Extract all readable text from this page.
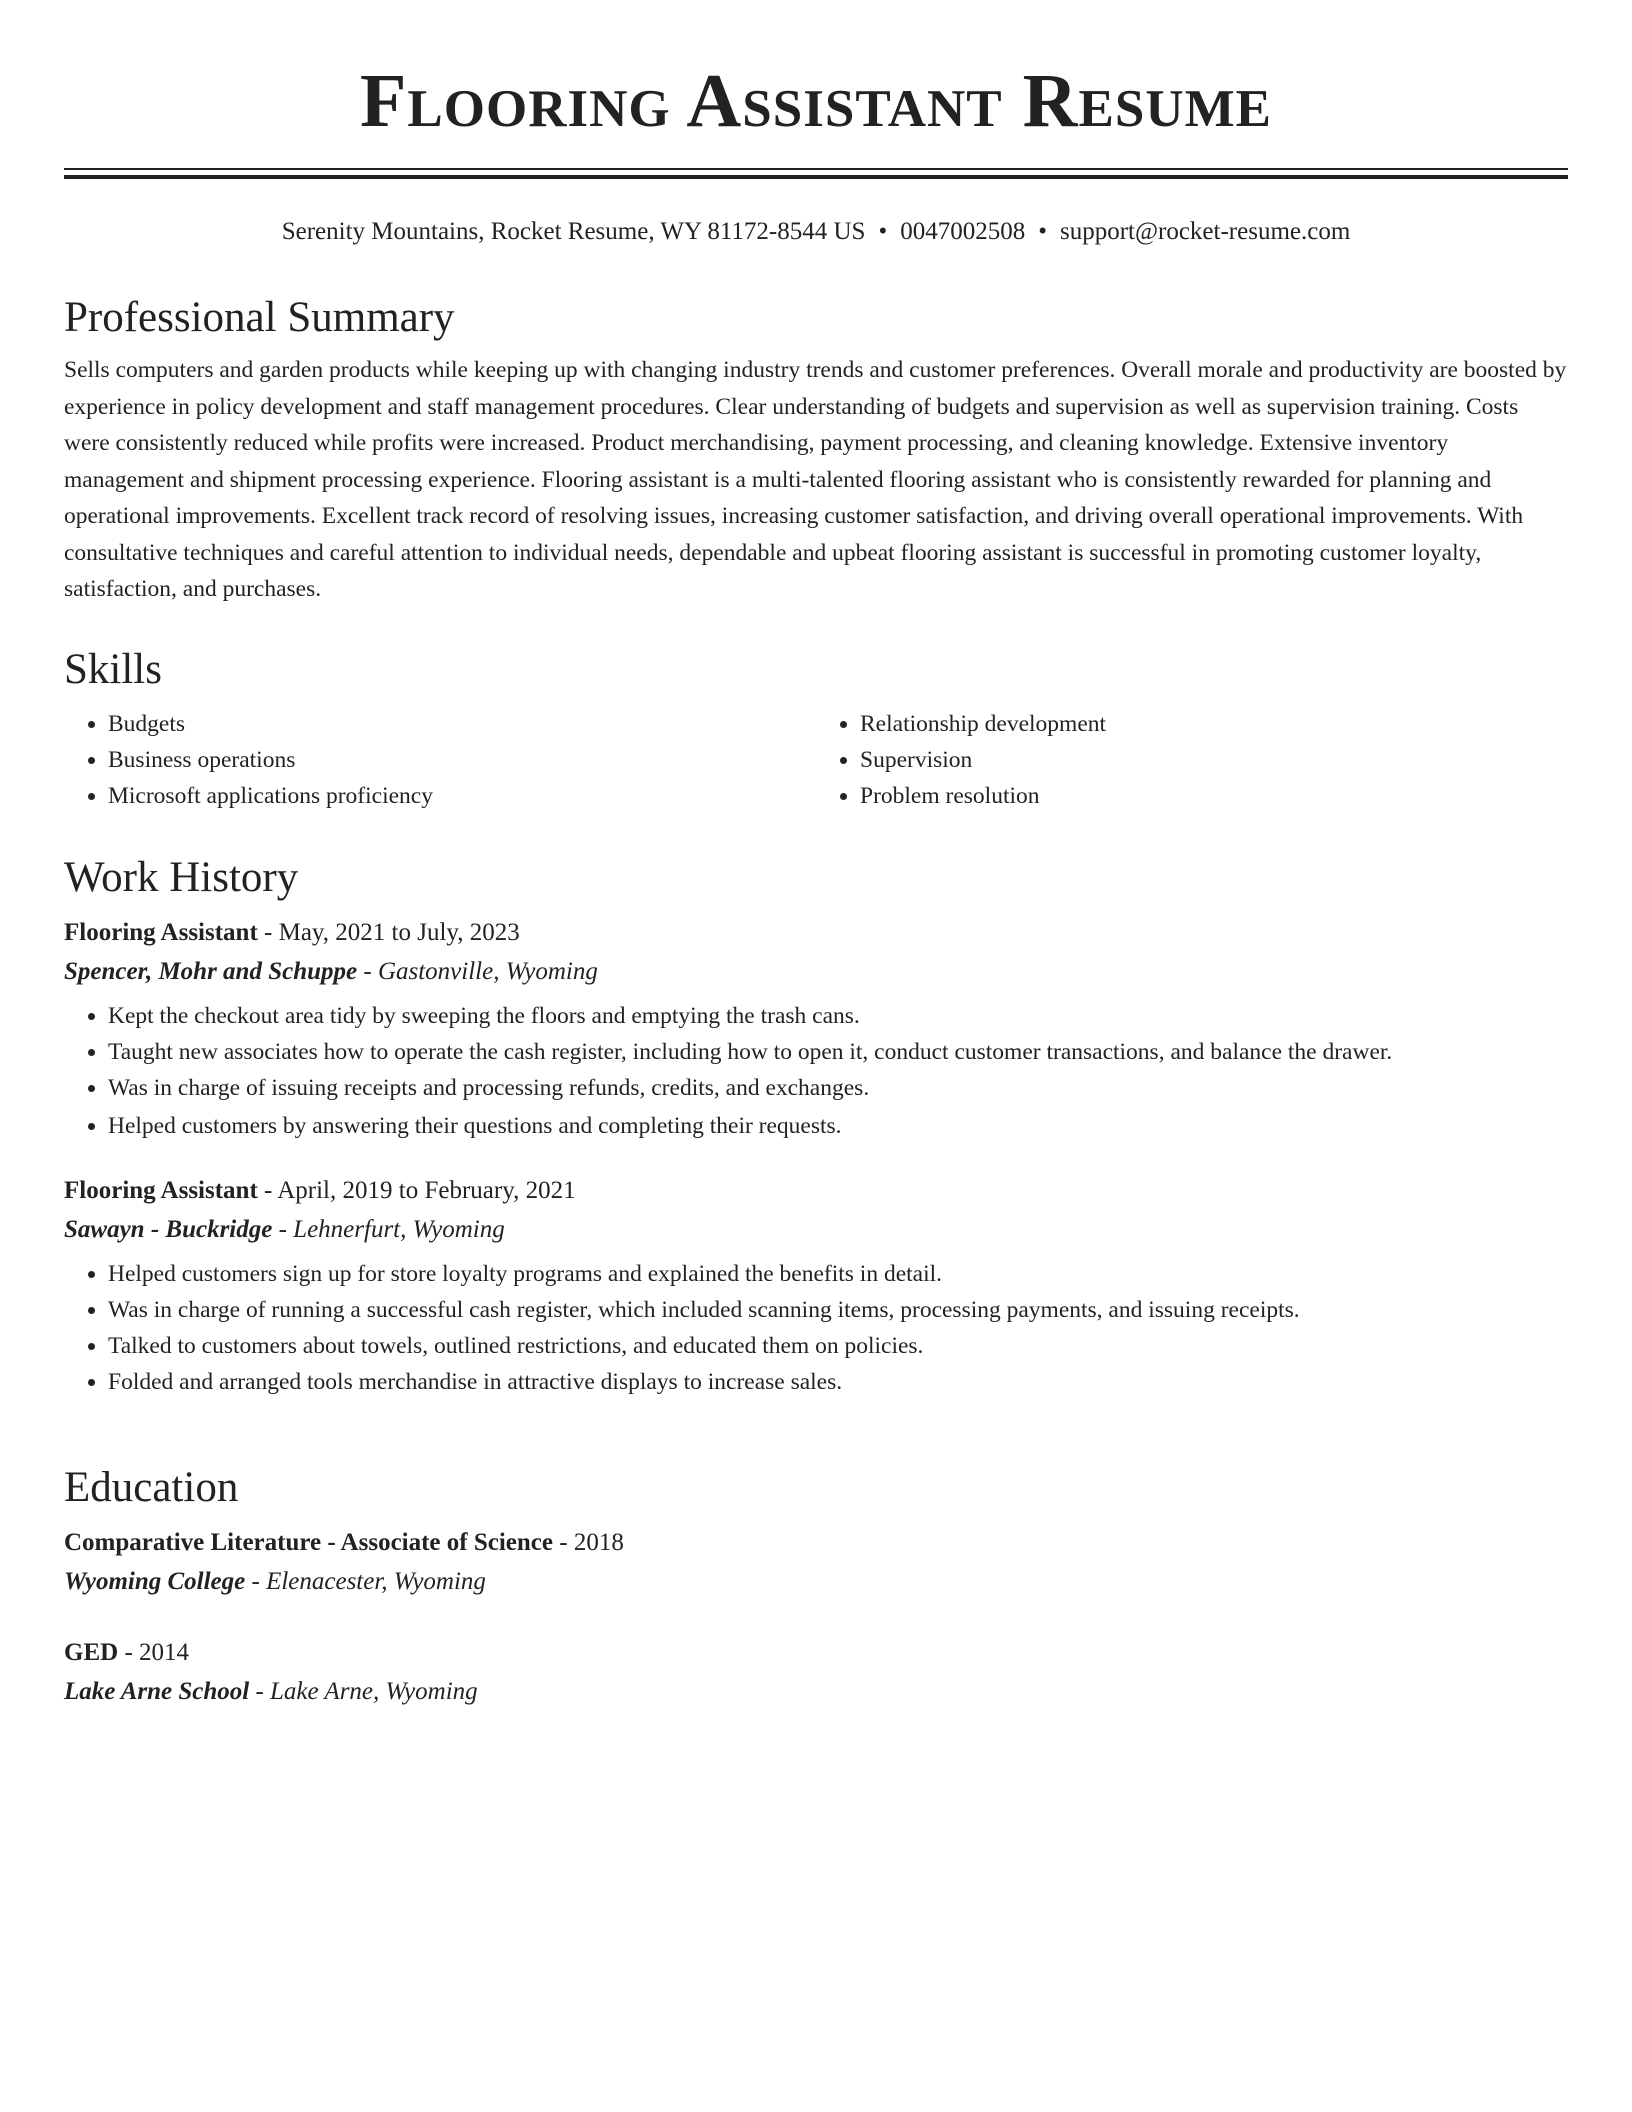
Flooring Assistant Resume
Serenity Mountains, Rocket Resume, WY 81172-8544 US • 0047002508 • support@rocket-resume.com
Professional Summary

Sells computers and garden products while keeping up with changing industry trends and customer preferences. Overall morale and productivity are boosted by experience in policy development and staff management procedures. Clear understanding of budgets and supervision as well as supervision training. Costs were consistently reduced while profits were increased. Product merchandising, payment processing, and cleaning knowledge. Extensive inventory management and shipment processing experience. Flooring assistant is a multi-talented flooring assistant who is consistently rewarded for planning and operational improvements. Excellent track record of resolving issues, increasing customer satisfaction, and driving overall operational improvements. With consultative techniques and careful attention to individual needs, dependable and upbeat flooring assistant is successful in promoting customer loyalty, satisfaction, and purchases.

Skills
• Budgets
• Business operations
• Microsoft applications proficiency
• Relationship development
• Supervision
• Problem resolution
Work History

Flooring Assistant - May, 2021 to July, 2023

Spencer, Mohr and Schuppe - Gastonville, Wyoming

• Kept the checkout area tidy by sweeping the floors and emptying the trash cans.
• Taught new associates how to operate the cash register, including how to open it, conduct customer transactions, and balance the drawer.
• Was in charge of issuing receipts and processing refunds, credits, and exchanges.
• Helped customers by answering their questions and completing their requests.

Flooring Assistant - April, 2019 to February, 2021

Sawayn - Buckridge - Lehnerfurt, Wyoming

• Helped customers sign up for store loyalty programs and explained the benefits in detail.
• Was in charge of running a successful cash register, which included scanning items, processing payments, and issuing receipts.
• Talked to customers about towels, outlined restrictions, and educated them on policies.
• Folded and arranged tools merchandise in attractive displays to increase sales.
Education

Comparative Literature - Associate of Science - 2018

Wyoming College - Elenacester, Wyoming

GED - 2014

Lake Arne School - Lake Arne, Wyoming
